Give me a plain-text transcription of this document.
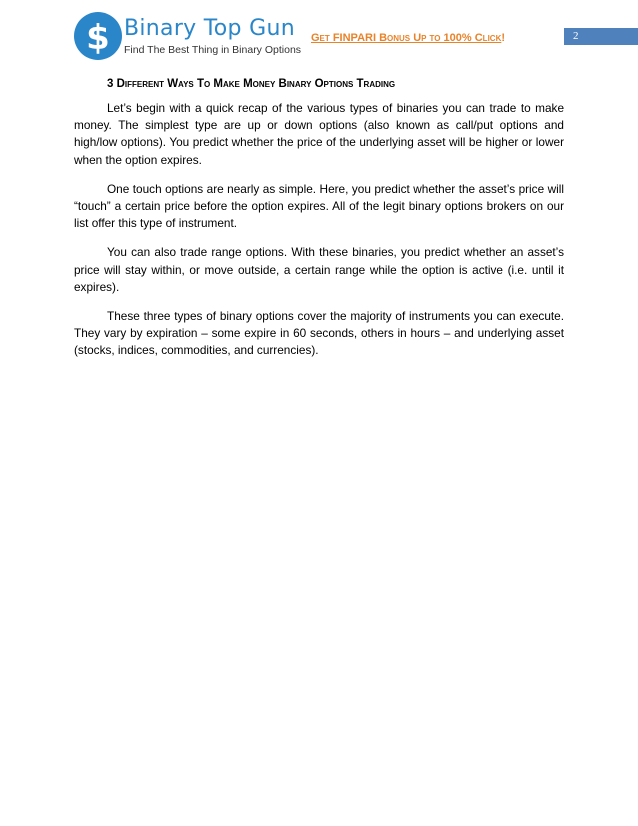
$ Binary Top Gun
Find The Best Thing in Binary Options
Get FINPARI Bonus Up to 100% Click!	2
3 Different Ways To Make Money Binary Options Trading

Let’s begin with a quick recap of the various types of binaries you can trade to make money. The simplest type are up or down options (also known as call/put options and high/low options). You predict whether the price of the underlying asset will be higher or lower when the option expires.

One touch options are nearly as simple. Here, you predict whether the asset’s price will “touch” a certain price before the option expires. All of the legit binary options brokers on our list offer this type of instrument.

You can also trade range options. With these binaries, you predict whether an asset’s price will stay within, or move outside, a certain range while the option is active (i.e. until it expires).

These three types of binary options cover the majority of instruments you can execute. They vary by expiration – some expire in 60 seconds, others in hours – and underlying asset (stocks, indices, commodities, and currencies).
